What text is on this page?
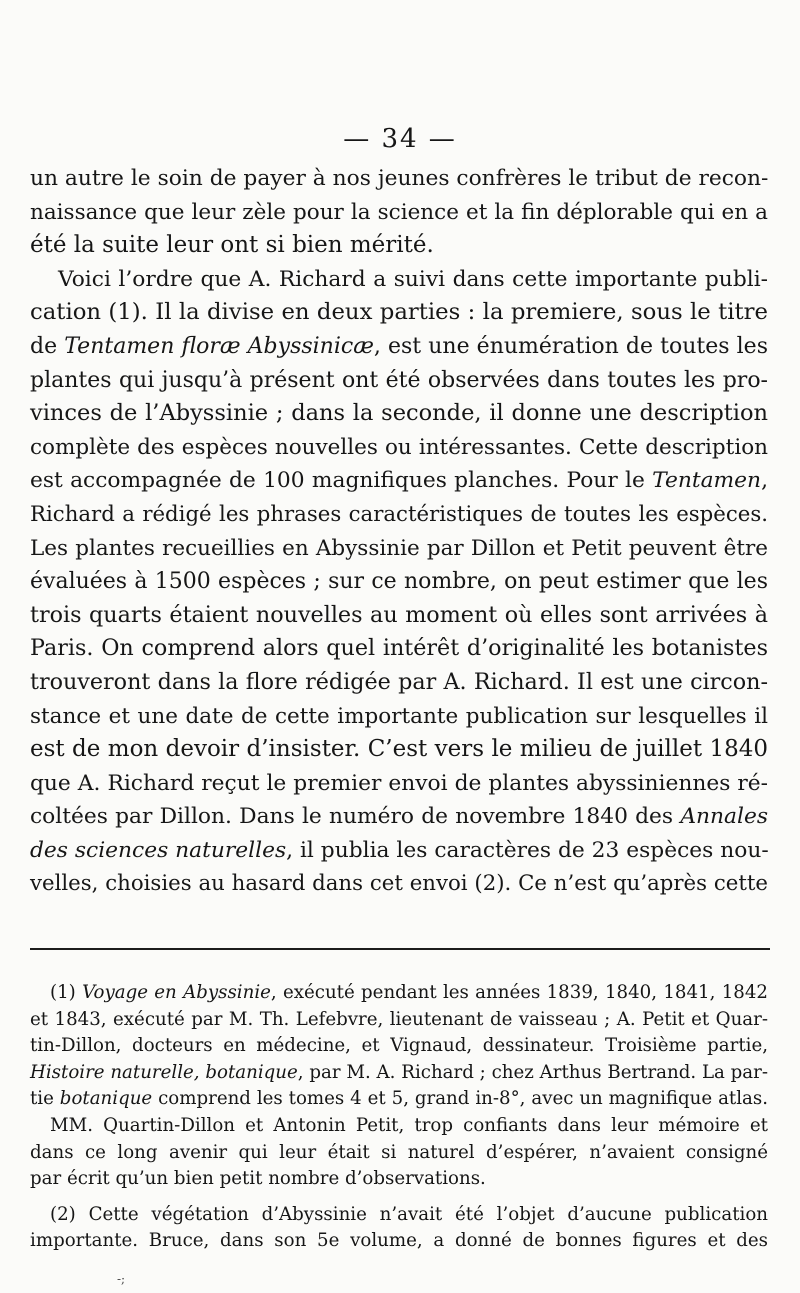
— 34 —
un autre le soin de payer à nos jeunes confrères le tribut de recon-
naissance que leur zèle pour la science et la fin déplorable qui en a
été la suite leur ont si bien mérité.
Voici l’ordre que A. Richard a suivi dans cette importante publi-
cation (1). Il la divise en deux parties : la premiere, sous le titre
de Tentamen floræ Abyssinicæ, est une énumération de toutes les
plantes qui jusqu’à présent ont été observées dans toutes les pro-
vinces de l’Abyssinie ; dans la seconde, il donne une description
complète des espèces nouvelles ou intéressantes. Cette description
est accompagnée de 100 magnifiques planches. Pour le Tentamen,
Richard a rédigé les phrases caractéristiques de toutes les espèces.
Les plantes recueillies en Abyssinie par Dillon et Petit peuvent être
évaluées à 1500 espèces ; sur ce nombre, on peut estimer que les
trois quarts étaient nouvelles au moment où elles sont arrivées à
Paris. On comprend alors quel intérêt d’originalité les botanistes
trouveront dans la flore rédigée par A. Richard. Il est une circon-
stance et une date de cette importante publication sur lesquelles il
est de mon devoir d’insister. C’est vers le milieu de juillet 1840
que A. Richard reçut le premier envoi de plantes abyssiniennes ré-
coltées par Dillon. Dans le numéro de novembre 1840 des Annales
des sciences naturelles, il publia les caractères de 23 espèces nou-
velles, choisies au hasard dans cet envoi (2). Ce n’est qu’après cette
(1) Voyage en Abyssinie, exécuté pendant les années 1839, 1840, 1841, 1842
et 1843, exécuté par M. Th. Lefebvre, lieutenant de vaisseau ; A. Petit et Quar-
tin-Dillon, docteurs en médecine, et Vignaud, dessinateur. Troisième partie,
Histoire naturelle, botanique, par M. A. Richard ; chez Arthus Bertrand. La par-
tie botanique comprend les tomes 4 et 5, grand in-8°, avec un magnifique atlas.
MM. Quartin-Dillon et Antonin Petit, trop confiants dans leur mémoire et
dans ce long avenir qui leur était si naturel d’espérer, n’avaient consigné
par écrit qu’un bien petit nombre d’observations.
(2) Cette végétation d’Abyssinie n’avait été l’objet d’aucune publication
importante. Bruce, dans son 5e volume, a donné de bonnes figures et des
-;
